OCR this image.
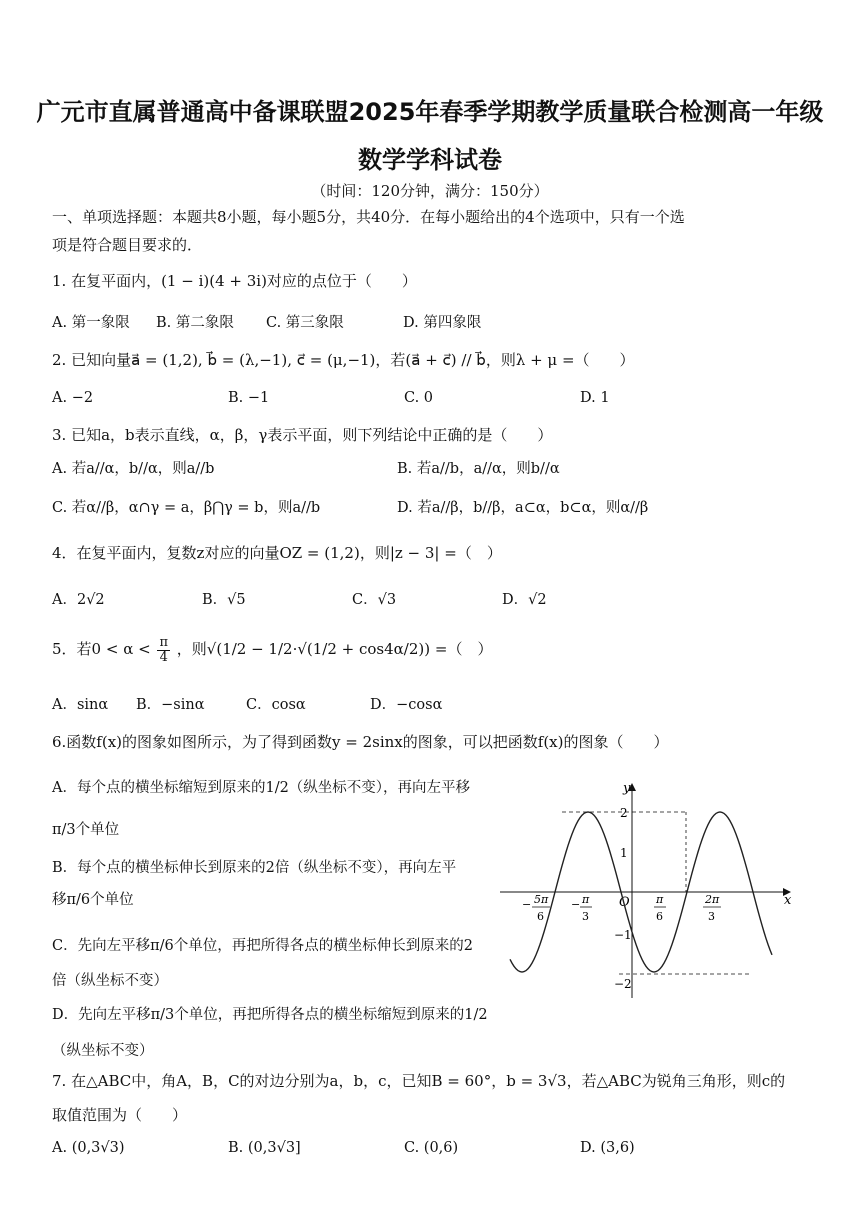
广元市直属普通高中备课联盟2025年春季学期教学质量联合检测高一年级
数学学科试卷
（时间：120分钟，满分：150分）
一、单项选择题：本题共8小题，每小题5分，共40分．在每小题给出的4个选项中，只有一个选
项是符合题目要求的．
1. 在复平面内，(1 − i)(4 + 3i)对应的点位于（　　）
A. 第一象限 B. 第二象限 C. 第三象限	D. 第四象限
2. 已知向量a⃗ = (1,2), b⃗ = (λ,−1), c⃗ = (μ,−1)，若(a⃗ + c⃗) // b⃗，则λ + μ =（　　）
A. −2	B. −1	C. 0	D. 1
3. 已知a，b表示直线，α，β，γ表示平面，则下列结论中正确的是（　　）
A. 若a//α，b//α，则a//b	B. 若a//b，a//α，则b//α
C. 若α//β，α∩γ = a，β⋂γ = b，则a//b	D. 若a//β，b//β，a⊂α，b⊂α，则α//β
4．在复平面内，复数z对应的向量OZ = (1,2)，则|z − 3| =（　）
A．2√2	B．√5	C．√3	D．√2
5．若$0 < \alpha < \frac{\pi}{4}$ ，则√(1/2 − 1/2·√(1/2 + cos4α/2)) =（　）
A．sinα B．−sinα	C．cosα	D．−cosα
6.函数f(x)的图象如图所示，为了得到函数y = 2sinx的图象，可以把函数f(x)的图象（　　）
A．每个点的横坐标缩短到原来的1/2（纵坐标不变），再向左平移
π/3个单位
B．每个点的横坐标伸长到原来的2倍（纵坐标不变），再向左平
移π/6个单位
C．先向左平移π/6个单位，再把所得各点的横坐标伸长到原来的2
倍（纵坐标不变）
D．先向左平移π/3个单位，再把所得各点的横坐标缩短到原来的1/2
（纵坐标不变）
x
y
O
2
1
−1
−2
− 5π
6
− π
3
π
6
2π
3
7. 在△ABC中，角A，B，C的对边分别为a，b，c，已知B = 60°，b = 3√3，若△ABC为锐角三角形，则c的
取值范围为（　　）
A. (0,3√3)	B. (0,3√3]	C. (0,6)	D. (3,6)
